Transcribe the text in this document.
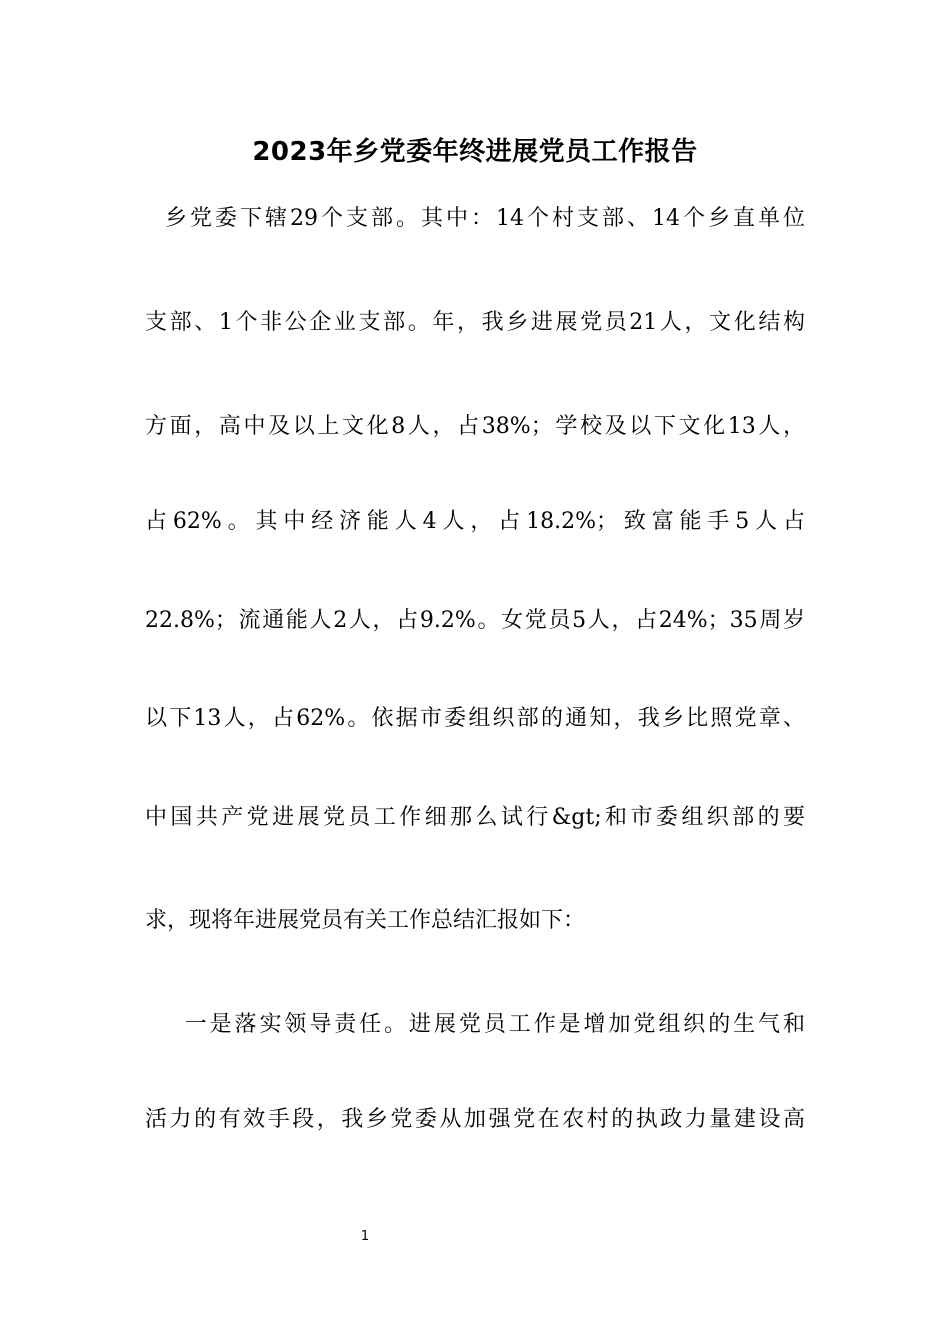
2023年乡党委年终进展党员工作报告
乡党委下辖29个支部。其中：14个村支部、14个乡直单位
支部、1个非公企业支部。年，我乡进展党员21人，文化结构
方面，高中及以上文化8人，占38%；学校及以下文化13人，
占62%。其中经济能人4人，占18.2%；致富能手5人占
22.8%；流通能人2人，占9.2%。女党员5人，占24%；35周岁
以下13人，占62%。依据市委组织部的通知，我乡比照党章、
中国共产党进展党员工作细那么试行&gt;和市委组织部的要
求，现将年进展党员有关工作总结汇报如下：
一是落实领导责任。进展党员工作是增加党组织的生气和
活力的有效手段，我乡党委从加强党在农村的执政力量建设高
1
